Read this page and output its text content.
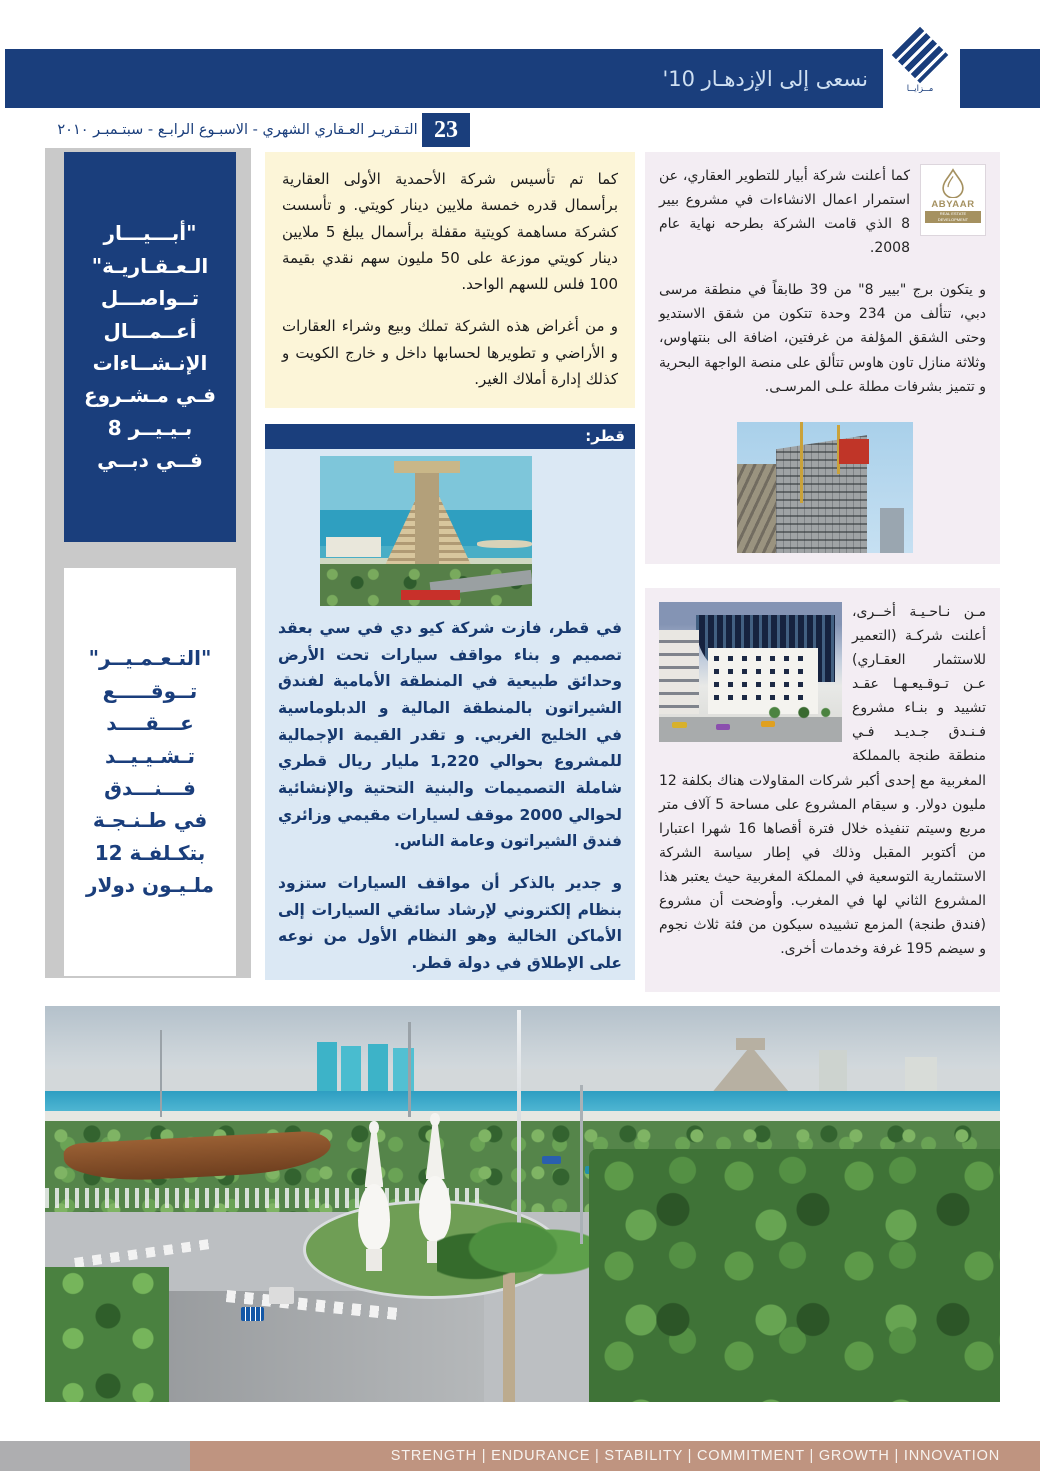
التـقريـر العـقاري الشهري - الاسبـوع الرابـع - سبتـمبـر ٢٠١٠ 23
نسعى إلى الإزدهـار 10'	مــزايــا
"أبـــيـــار
الـعـقـاريـة"
تــواصـــل
أعــمـــال
الإنـشــاءات
فـي مـشـروع
بـيـيــر 8
فــي دبــي
"التـعـمـيــر"
تــوقـــــع
عـــقــــد
تـشـيـيــد
فـــنـــدق
في طـنـجـة
بتكـلفـة 12
ملـيـون دولار

كما تم تأسيس شركة الأحمدية الأولى العقارية برأسمال قدره خمسة ملايين دينار كويتي. و تأسست كشركة مساهمة كويتية مقفلة برأسمال يبلغ 5 ملايين دينار كويتي موزعة على 50 مليون سهم نقدي بقيمة 100 فلس للسهم الواحد.

و من أغراض هذه الشركة تملك وبيع وشراء العقارات و الأراضي و تطويرها لحسابها داخل و خارج الكويت و كذلك إدارة أملاك الغير.

قطر:

في قطر، فازت شركة كيو دي في سي بعقد تصميم و بناء مواقف سيارات تحت الأرض وحدائق طبيعية في المنطقة الأمامية لفندق الشيراتون بالمنطقة المالية و الدبلوماسية في الخليج الغربي. و تقدر القيمة الإجمالية للمشروع بحوالي 1,220 مليار ريال قطري شاملة التصميمات والبنية التحتية والإنشائية لحوالي 2000 موقف لسيارات مقيمي وزائري فندق الشيراتون وعامة الناس.

و جدير بالذكر أن مواقف السيارات ستزود بنظام إلكتروني لإرشاد سائقي السيارات إلى الأماكن الخالية وهو النظام الأول من نوعه على الإطلاق في دولة قطر.

ABYAAR
REAL ESTATE DEVELOPMENT

كما أعلنت شركة أبيار للتطوير العقاري، عن استمرار اعمال الانشاءات في مشروع بيير 8 الذي قامت الشركة بطرحه نهاية عام 2008.

و يتكون برج "بيير 8" من 39 طابقاً في منطقة مرسى دبي، تتألف من 234 وحدة تتكون من شقق الاستديو وحتى الشقق المؤلفة من غرفتين، اضافة الى بنتهاوس، وثلاثة منازل تاون هاوس تتألق على منصة الواجهة البحرية و تتميز بشرفات مطلة علـى المرسـى.

مـن نـاحـيـة أخــرى، أعلنت شركـة (التعمير للاستثمار العقـاري) عـن تـوقـيعـهـا عقـد تشييد و بنـاء مشروع فـنـدق جـديـد فـي منطقة طنجة بالمملكة المغربية مع إحدى أكبر شركات المقاولات هناك بكلفة 12 مليون دولار. و سيقام المشروع على مساحة 5 آلاف متر مربع وسيتم تنفيذه خلال فترة أقصاها 16 شهرا اعتبارا من أكتوبر المقبل وذلك في إطار سياسة الشركة الاستثمارية التوسعية في المملكة المغربية حيث يعتبر هذا المشروع الثاني لها في المغرب. وأوضحت أن مشروع (فندق طنجة) المزمع تشييده سيكون من فئة ثلاث نجوم و سيضم 195 غرفة وخدمات أخرى.

STRENGTH | ENDURANCE | STABILITY | COMMITMENT | GROWTH | INNOVATION
